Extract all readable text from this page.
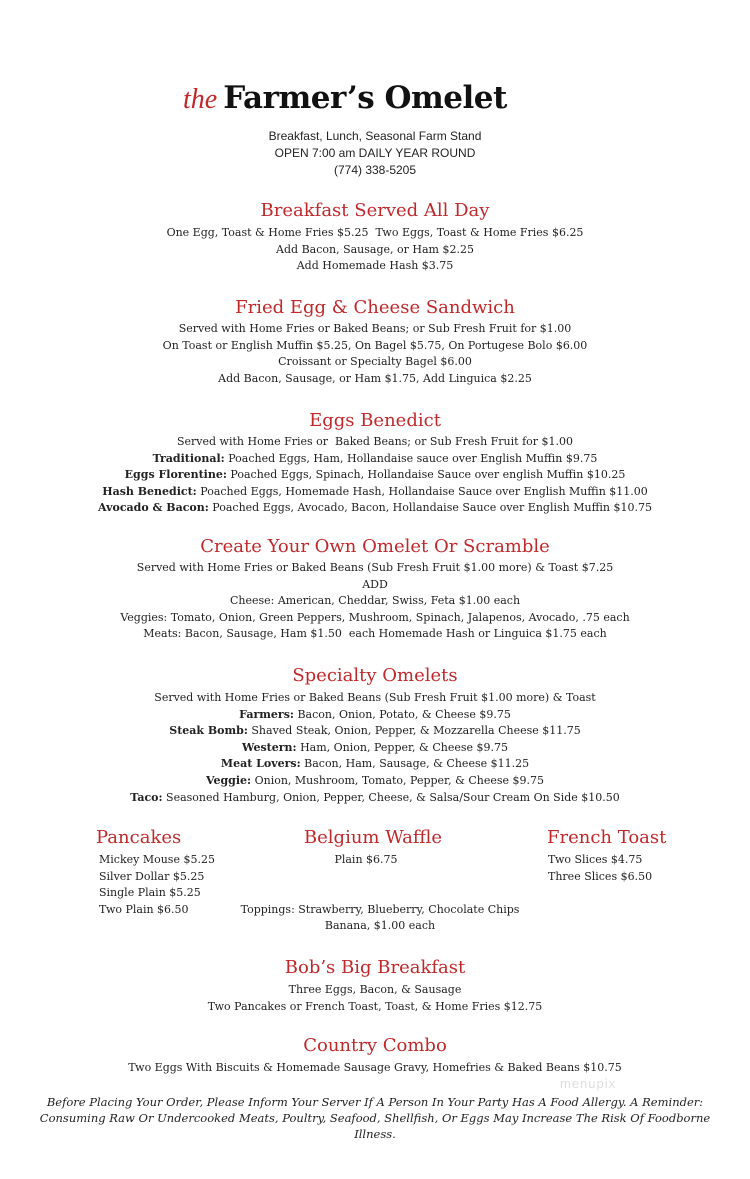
the Farmer’s Omelet
Breakfast, Lunch, Seasonal Farm Stand
OPEN 7:00 am DAILY YEAR ROUND
(774) 338-5205
Breakfast Served All Day
One Egg, Toast & Home Fries $5.25  Two Eggs, Toast & Home Fries $6.25
Add Bacon, Sausage, or Ham $2.25
Add Homemade Hash $3.75
Fried Egg & Cheese Sandwich
Served with Home Fries or Baked Beans; or Sub Fresh Fruit for $1.00
On Toast or English Muffin $5.25, On Bagel $5.75, On Portugese Bolo $6.00
Croissant or Specialty Bagel $6.00
Add Bacon, Sausage, or Ham $1.75, Add Linguica $2.25
Eggs Benedict
Served with Home Fries or  Baked Beans; or Sub Fresh Fruit for $1.00
Traditional: Poached Eggs, Ham, Hollandaise sauce over English Muffin $9.75
Eggs Florentine: Poached Eggs, Spinach, Hollandaise Sauce over english Muffin $10.25
Hash Benedict: Poached Eggs, Homemade Hash, Hollandaise Sauce over English Muffin $11.00
Avocado & Bacon: Poached Eggs, Avocado, Bacon, Hollandaise Sauce over English Muffin $10.75
Create Your Own Omelet Or Scramble
Served with Home Fries or Baked Beans (Sub Fresh Fruit $1.00 more) & Toast $7.25
ADD
Cheese: American, Cheddar, Swiss, Feta $1.00 each
Veggies: Tomato, Onion, Green Peppers, Mushroom, Spinach, Jalapenos, Avocado, .75 each
Meats: Bacon, Sausage, Ham $1.50  each Homemade Hash or Linguica $1.75 each
Specialty Omelets
Served with Home Fries or Baked Beans (Sub Fresh Fruit $1.00 more) & Toast
Farmers: Bacon, Onion, Potato, & Cheese $9.75
Steak Bomb: Shaved Steak, Onion, Pepper, & Mozzarella Cheese $11.75
Western: Ham, Onion, Pepper, & Cheese $9.75
Meat Lovers: Bacon, Ham, Sausage, & Cheese $11.25
Veggie: Onion, Mushroom, Tomato, Pepper, & Cheese $9.75
Taco: Seasoned Hamburg, Onion, Pepper, Cheese, & Salsa/Sour Cream On Side $10.50
Bob’s Big Breakfast
Three Eggs, Bacon, & Sausage
Two Pancakes or French Toast, Toast, & Home Fries $12.75
Country Combo
Two Eggs With Biscuits & Homemade Sausage Gravy, Homefries & Baked Beans $10.75
Pancakes
Mickey Mouse $5.25
Silver Dollar $5.25
Single Plain $5.25
Two Plain $6.50
Belgium Waffle
Plain $6.75
French Toast
Two Slices $4.75
Three Slices $6.50
Toppings: Strawberry, Blueberry, Chocolate Chips
Banana, $1.00 each
menupix
Before Placing Your Order, Please Inform Your Server If A Person In Your Party Has A Food Allergy. A Reminder:
Consuming Raw Or Undercooked Meats, Poultry, Seafood, Shellfish, Or Eggs May Increase The Risk Of Foodborne
Illness.
